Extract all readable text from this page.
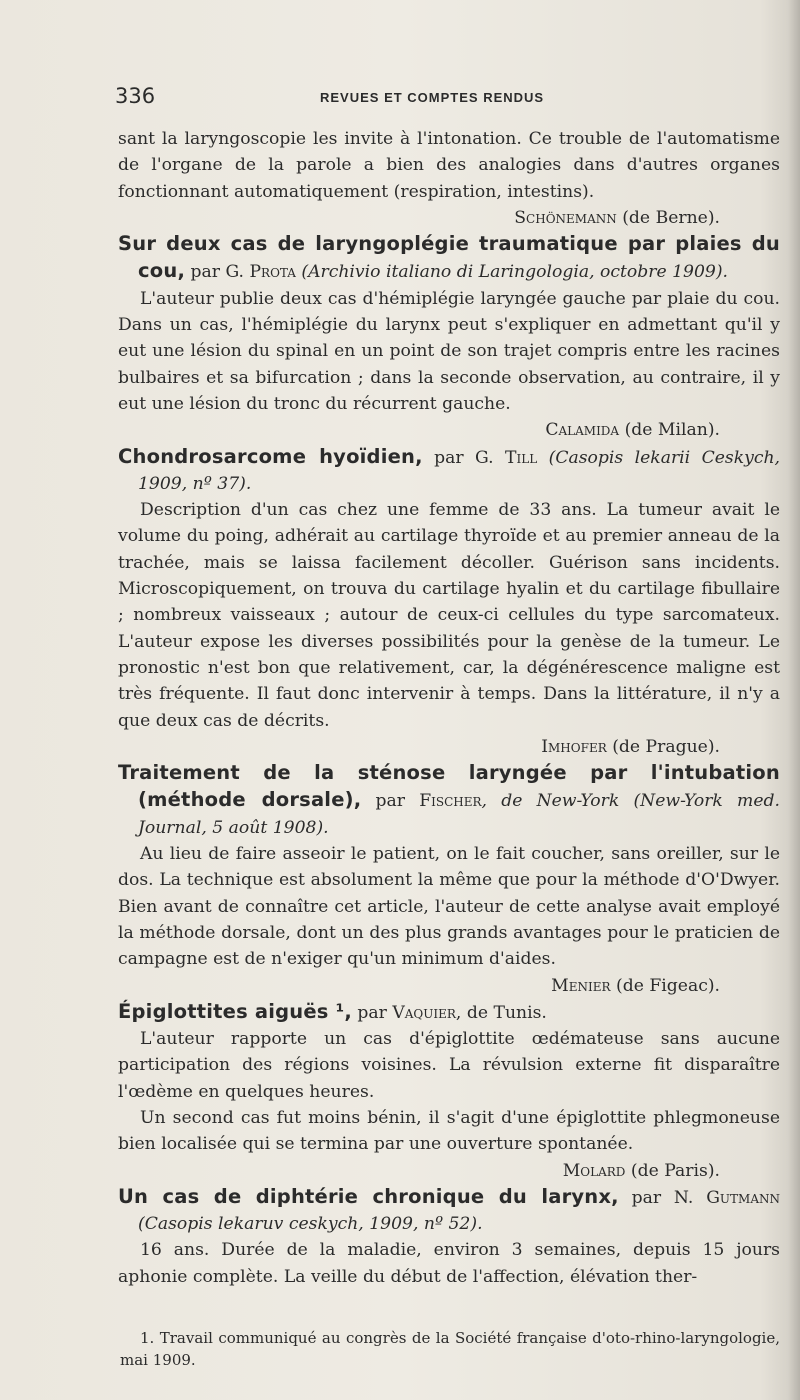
336	REVUES ET COMPTES RENDUS

sant la laryngoscopie les invite à l'intonation. Ce trouble de l'automatisme de l'organe de la parole a bien des analogies dans d'autres organes fonctionnant automatiquement (respiration, intestins).

Schönemann (de Berne).

Sur deux cas de laryngoplégie traumatique par plaies du cou, par G. Prota (Archivio italiano di Laringologia, octobre 1909).

L'auteur publie deux cas d'hémiplégie laryngée gauche par plaie du cou. Dans un cas, l'hémiplégie du larynx peut s'expliquer en admettant qu'il y eut une lésion du spinal en un point de son trajet compris entre les racines bulbaires et sa bifurcation ; dans la seconde observation, au contraire, il y eut une lésion du tronc du récurrent gauche.

Calamida (de Milan).

Chondrosarcome hyoïdien, par G. Till (Casopis lekarii Ceskych, 1909, nº 37).

Description d'un cas chez une femme de 33 ans. La tumeur avait le volume du poing, adhérait au cartilage thyroïde et au premier anneau de la trachée, mais se laissa facilement décoller. Guérison sans incidents. Microscopiquement, on trouva du cartilage hyalin et du cartilage fibullaire ; nombreux vaisseaux ; autour de ceux-ci cellules du type sarcomateux. L'auteur expose les diverses possibilités pour la genèse de la tumeur. Le pronostic n'est bon que relativement, car, la dégénérescence maligne est très fréquente. Il faut donc intervenir à temps. Dans la littérature, il n'y a que deux cas de décrits.

Imhofer (de Prague).

Traitement de la sténose laryngée par l'intubation (méthode dorsale), par Fischer, de New-York (New-York med. Journal, 5 août 1908).

Au lieu de faire asseoir le patient, on le fait coucher, sans oreiller, sur le dos. La technique est absolument la même que pour la méthode d'O'Dwyer. Bien avant de connaître cet article, l'auteur de cette analyse avait employé la méthode dorsale, dont un des plus grands avantages pour le praticien de campagne est de n'exiger qu'un minimum d'aides.

Menier (de Figeac).

Épiglottites aiguës ¹, par Vaquier, de Tunis.

L'auteur rapporte un cas d'épiglottite œdémateuse sans aucune participation des régions voisines. La révulsion externe fit disparaître l'œdème en quelques heures.

Un second cas fut moins bénin, il s'agit d'une épiglottite phlegmoneuse bien localisée qui se termina par une ouverture spontanée.

Molard (de Paris).

Un cas de diphtérie chronique du larynx, par N. Gutmann (Casopis lekaruv ceskych, 1909, nº 52).

16 ans. Durée de la maladie, environ 3 semaines, depuis 15 jours aphonie complète. La veille du début de l'affection, élévation ther-

1. Travail communiqué au congrès de la Société française d'oto-rhino-laryngologie, mai 1909.
